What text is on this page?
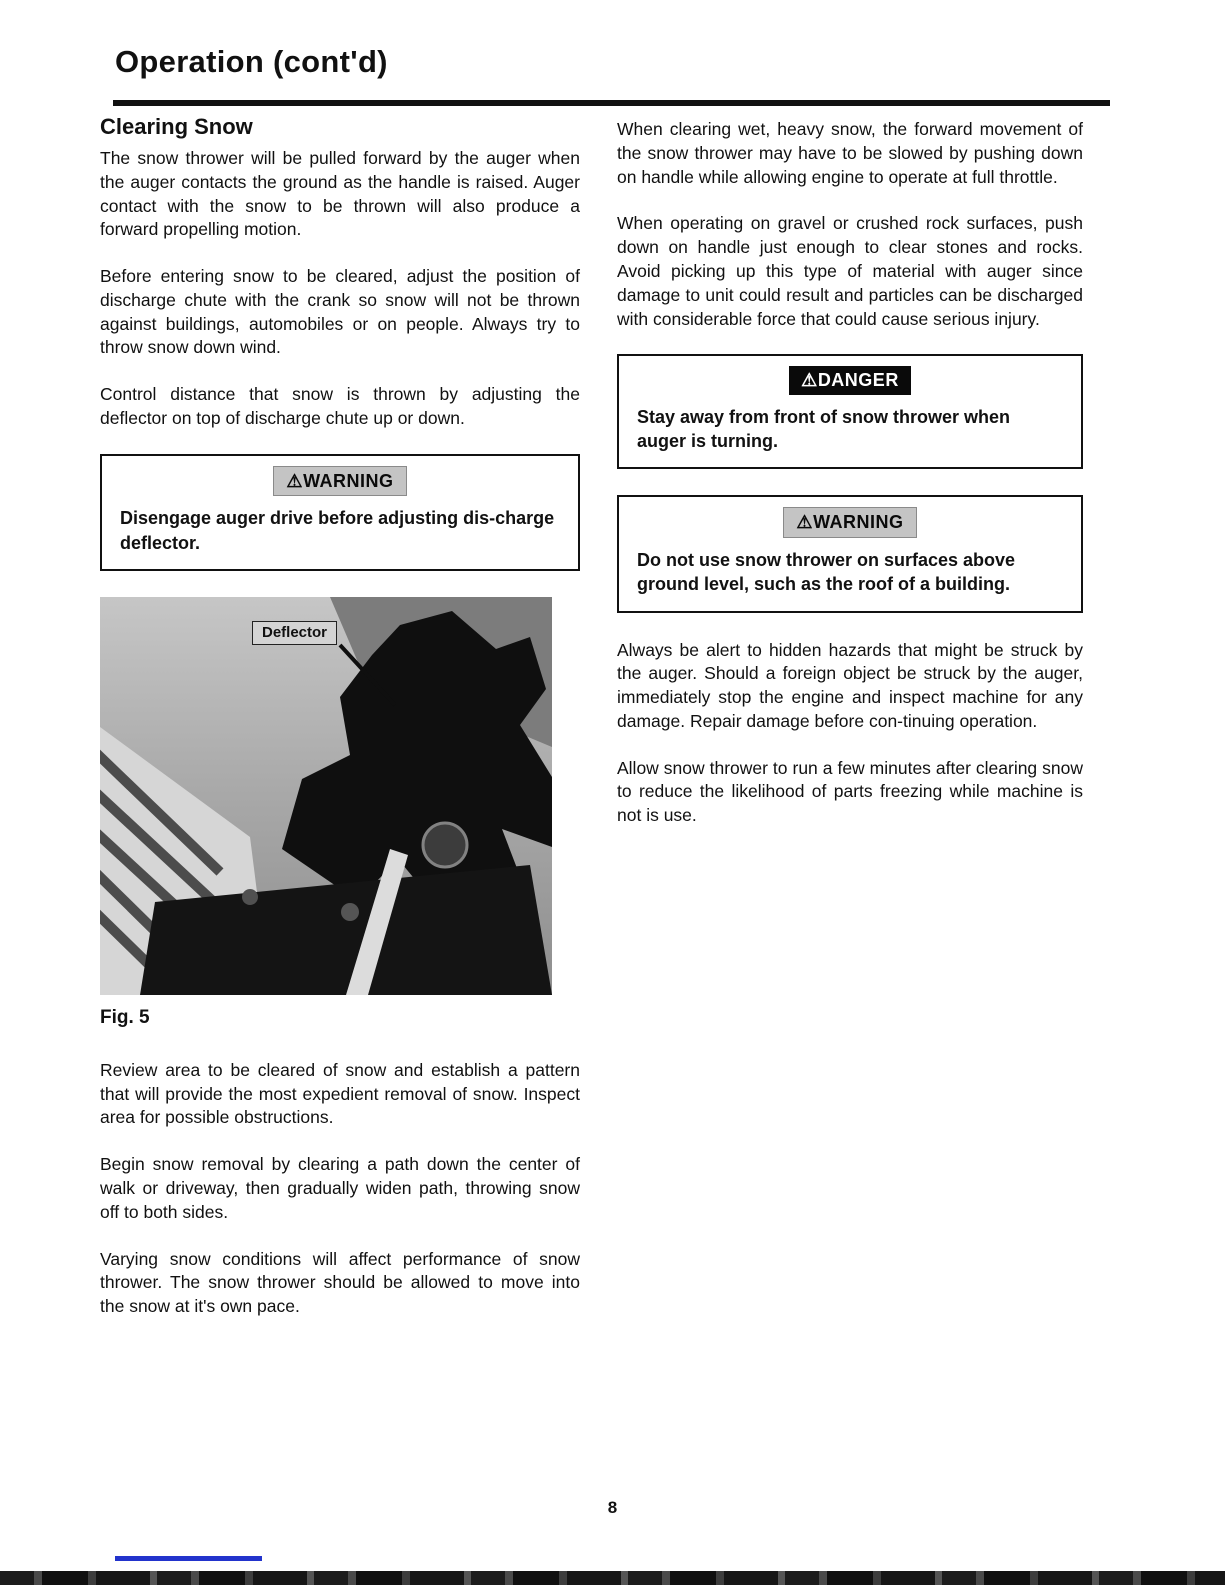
Operation (cont'd)
Clearing Snow

The snow thrower will be pulled forward by the auger when the auger contacts the ground as the handle is raised. Auger contact with the snow to be thrown will also produce a forward propelling motion.

Before entering snow to be cleared, adjust the position of discharge chute with the crank so snow will not be thrown against buildings, automobiles or on people. Always try to throw snow down wind.

Control distance that snow is thrown by adjusting the deflector on top of discharge chute up or down.

⚠WARNING

Disengage auger drive before adjusting dis-charge deflector.

Deflector
Fig. 5

Review area to be cleared of snow and establish a pattern that will provide the most expedient removal of snow. Inspect area for possible obstructions.

Begin snow removal by clearing a path down the center of walk or driveway, then gradually widen path, throwing snow off to both sides.

Varying snow conditions will affect performance of snow thrower. The snow thrower should be allowed to move into the snow at it's own pace.

When clearing wet, heavy snow, the forward movement of the snow thrower may have to be slowed by pushing down on handle while allowing engine to operate at full throttle.

When operating on gravel or crushed rock surfaces, push down on handle just enough to clear stones and rocks. Avoid picking up this type of material with auger since damage to unit could result and particles can be discharged with considerable force that could cause serious injury.

⚠DANGER

Stay away from front of snow thrower when auger is turning.

⚠WARNING

Do not use snow thrower on surfaces above ground level, such as the roof of a building.

Always be alert to hidden hazards that might be struck by the auger. Should a foreign object be struck by the auger, immediately stop the engine and inspect machine for any damage. Repair damage before con-tinuing operation.

Allow snow thrower to run a few minutes after clearing snow to reduce the likelihood of parts freezing while machine is not is use.

8
